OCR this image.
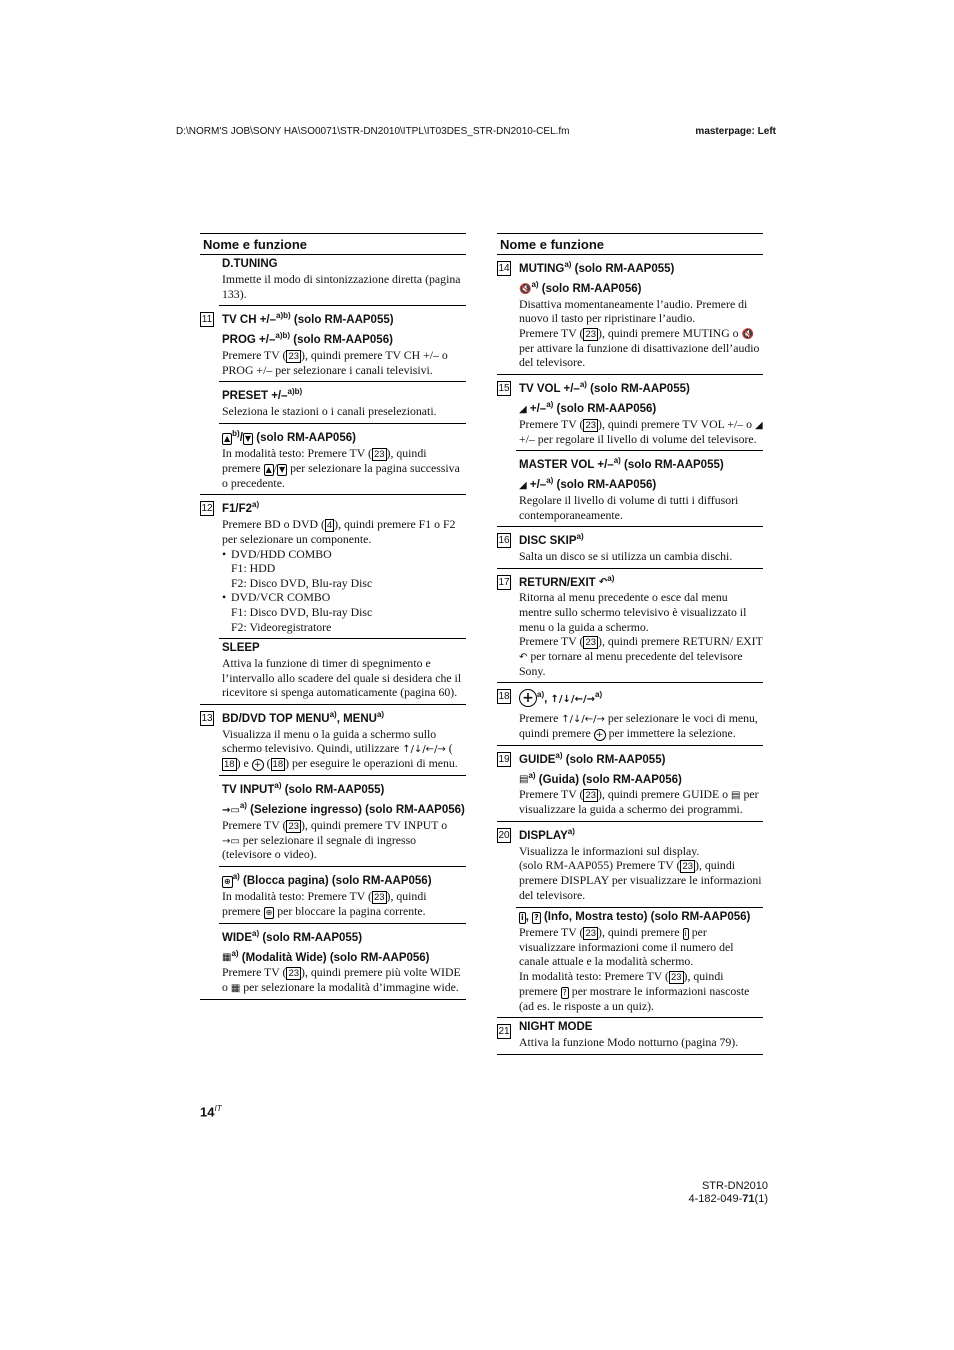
D:\NORM'S JOB\SONY HA\SO0071\STR-DN2010\ITPL\IT03DES_STR-DN2010-CEL.fm	masterpage: Left
Nome e funzione
D.TUNING
Immette il modo di sintonizzazione diretta (pagina 133).
11 TV CH +/–$^{a)b)}$ (solo RM-AAP055)
PROG +/–$^{a)b)}$ (solo RM-AAP056)
Premere TV ( 23 ), quindi premere TV CH +/– o PROG +/– per selezionare i canali televisivi.
PRESET +/–$^{a)b)}$
Seleziona le stazioni o i canali preselezionati.
▲$^{b)}$/ ▼ (solo RM-AAP056)
In modalità testo: Premere TV ( 23 ), quindi premere ▲ / ▼ per selezionare la pagina successiva o precedente.
12 F1/F2$^{a)}$
Premere BD o DVD ( 4 ), quindi premere F1 o F2 per selezionare un componente.
• DVD/HDD COMBO
F1: HDD
F2: Disco DVD, Blu-ray Disc
• DVD/VCR COMBO
F1: Disco DVD, Blu-ray Disc
F2: Videoregistratore
SLEEP
Attiva la funzione di timer di spegnimento e l’intervallo allo scadere del quale si desidera che il ricevitore si spenga automaticamente (pagina 60).
13 BD/DVD TOP MENU$^{a)}$, MENU$^{a)}$
Visualizza il menu o la guida a schermo sullo schermo televisivo. Quindi, utilizzare ↑/↓/←/→ (18 ) e + ( 18 ) per eseguire le operazioni di menu.
TV INPUT$^{a)}$ (solo RM-AAP055)
→▭$^{a)}$ (Selezione ingresso) (solo RM-AAP056)
Premere TV ( 23 ), quindi premere TV INPUT o →▭ per selezionare il segnale di ingresso (televisore o video).
⊕$^{a)}$ (Blocca pagina) (solo RM-AAP056)
In modalità testo: Premere TV ( 23 ), quindi premere ⊕ per bloccare la pagina corrente.
WIDE$^{a)}$ (solo RM-AAP055)
▦$^{a)}$ (Modalità Wide) (solo RM-AAP056)
Premere TV ( 23 ), quindi premere più volte WIDE o ▦ per selezionare la modalità d’immagine wide.
Nome e funzione
14 MUTING$^{a)}$ (solo RM-AAP055)
🔇$^{a)}$ (solo RM-AAP056)
Disattiva momentaneamente l’audio. Premere di nuovo il tasto per ripristinare l’audio.
Premere TV ( 23 ), quindi premere MUTING o 🔇 per attivare la funzione di disattivazione dell’audio del televisore.
15 TV VOL +/–$^{a)}$ (solo RM-AAP055)
◢ +/–$^{a)}$ (solo RM-AAP056)
Premere TV ( 23 ), quindi premere TV VOL +/– o ◢ +/– per regolare il livello di volume del televisore.
MASTER VOL +/–$^{a)}$ (solo RM-AAP055)
◢ +/–$^{a)}$ (solo RM-AAP056)
Regolare il livello di volume di tutti i diffusori contemporaneamente.
16 DISC SKIP$^{a)}$
Salta un disco se si utilizza un cambia dischi.
17 RETURN/EXIT ↶$^{a)}$
Ritorna al menu precedente o esce dal menu mentre sullo schermo televisivo è visualizzato il menu o la guida a schermo.
Premere TV ( 23 ), quindi premere RETURN/ EXIT ↶ per tornare al menu precedente del televisore Sony.
18 + $^{a)}$, ↑/↓/←/→$^{a)}$
Premere ↑/↓/←/→ per selezionare le voci di menu, quindi premere + per immettere la selezione.
19 GUIDE$^{a)}$ (solo RM-AAP055)
▤$^{a)}$ (Guida) (solo RM-AAP056)
Premere TV ( 23 ), quindi premere GUIDE o ▤ per visualizzare la guida a schermo dei programmi.
20 DISPLAY$^{a)}$
Visualizza le informazioni sul display.
(solo RM-AAP055) Premere TV ( 23 ), quindi premere DISPLAY per visualizzare le informazioni del televisore.
i , ? (Info, Mostra testo) (solo RM-AAP056)
Premere TV ( 23 ), quindi premere i per visualizzare informazioni come il numero del canale attuale e la modalità schermo.
In modalità testo: Premere TV ( 23 ), quindi premere ? per mostrare le informazioni nascoste (ad es. le risposte a un quiz).
21 NIGHT MODE
Attiva la funzione Modo notturno (pagina 79).
$14^{IT}$
STR-DN2010
4-182-049-71(1)
